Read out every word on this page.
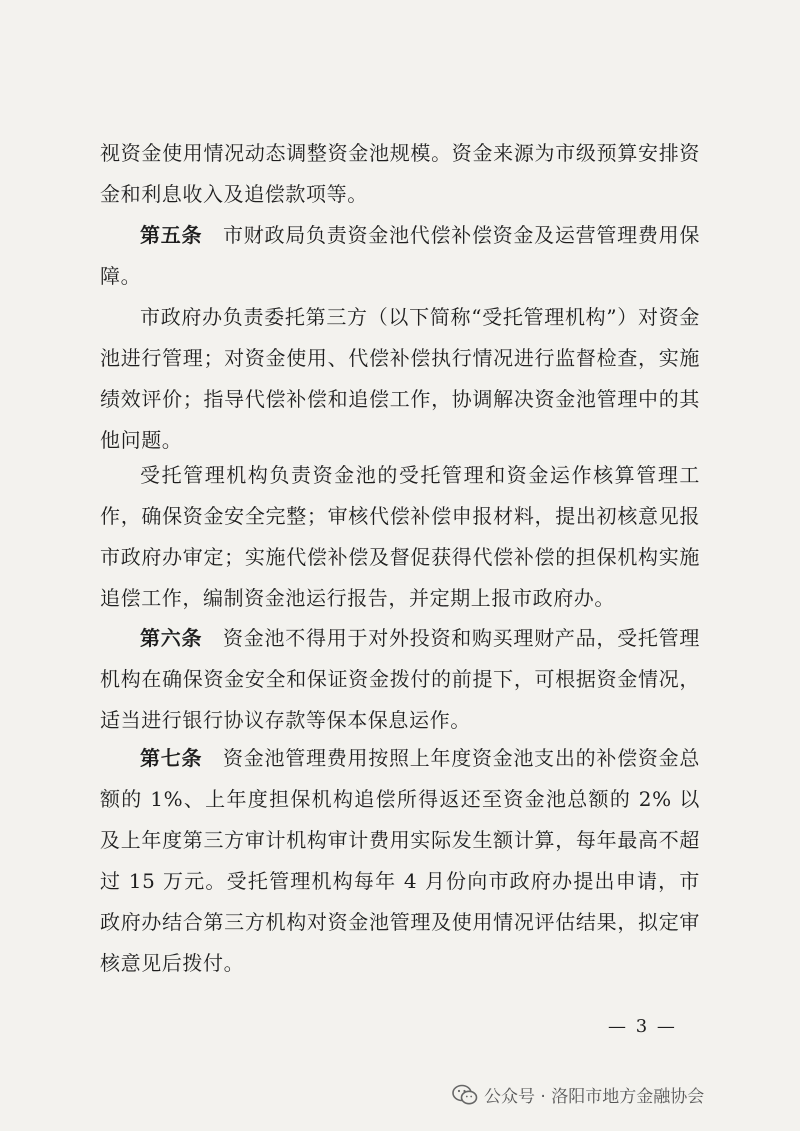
视资金使用情况动态调整资金池规模。资金来源为市级预算安排资金和利息收入及追偿款项等。

第五条　 市财政局负责资金池代偿补偿资金及运营管理费用保障。

市政府办负责委托第三方（以下简称“受托管理机构”）对资金池进行管理；对资金使用、代偿补偿执行情况进行监督检查，实施绩效评价；指导代偿补偿和追偿工作，协调解决资金池管理中的其他问题。

受托管理机构负责资金池的受托管理和资金运作核算管理工作，确保资金安全完整；审核代偿补偿申报材料，提出初核意见报市政府办审定；实施代偿补偿及督促获得代偿补偿的担保机构实施追偿工作，编制资金池运行报告，并定期上报市政府办。

第六条　 资金池不得用于对外投资和购买理财产品，受托管理机构在确保资金安全和保证资金拨付的前提下，可根据资金情况，适当进行银行协议存款等保本保息运作。

第七条　 资金池管理费用按照上年度资金池支出的补偿资金总额的 1%、上年度担保机构追偿所得返还至资金池总额的 2% 以及上年度第三方审计机构审计费用实际发生额计算，每年最高不超过 15 万元。受托管理机构每年 4 月份向市政府办提出申请，市政府办结合第三方机构对资金池管理及使用情况评估结果，拟定审核意见后拨付。

— 3 —
公众号 · 洛阳市地方金融协会
